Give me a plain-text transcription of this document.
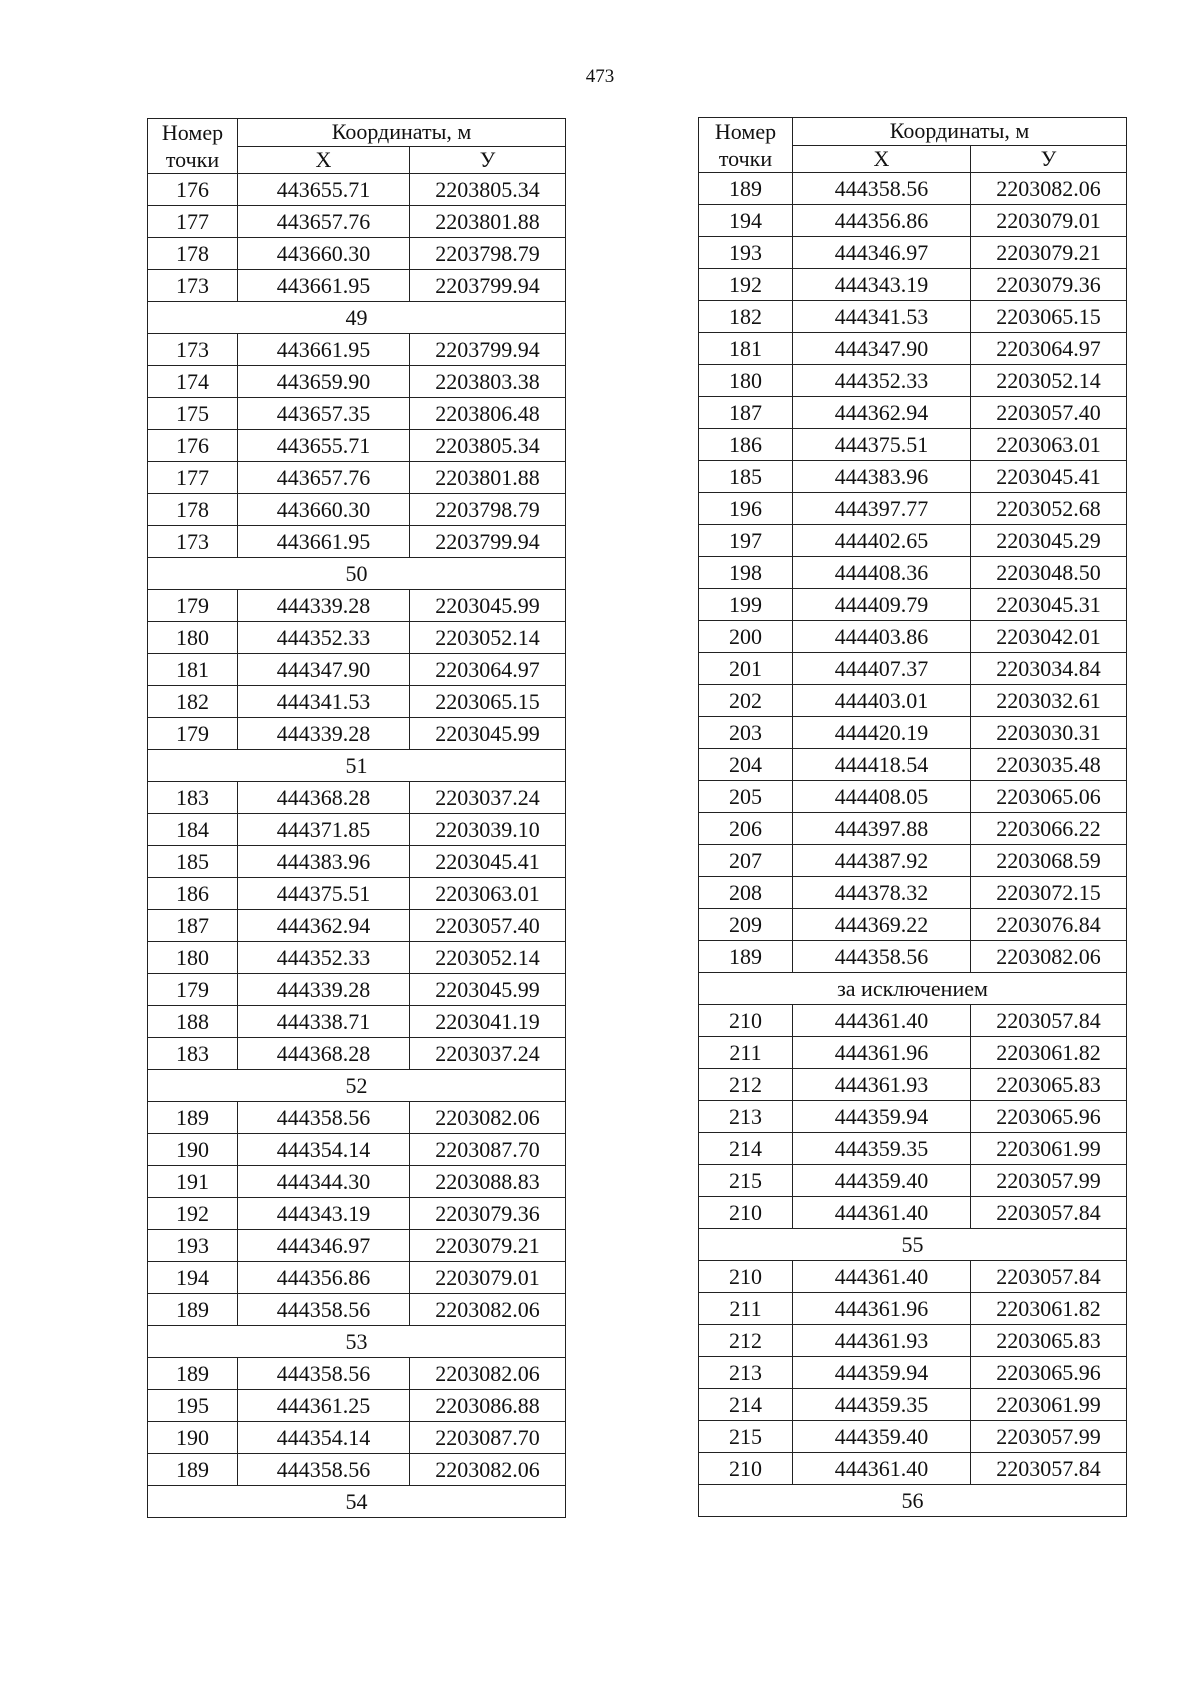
473
Номер
точки	Координаты, м	
	X	У
176	443655.71	2203805.34
177	443657.76	2203801.88
178	443660.30	2203798.79
173	443661.95	2203799.94
49		
173	443661.95	2203799.94
174	443659.90	2203803.38
175	443657.35	2203806.48
176	443655.71	2203805.34
177	443657.76	2203801.88
178	443660.30	2203798.79
173	443661.95	2203799.94
50		
179	444339.28	2203045.99
180	444352.33	2203052.14
181	444347.90	2203064.97
182	444341.53	2203065.15
179	444339.28	2203045.99
51		
183	444368.28	2203037.24
184	444371.85	2203039.10
185	444383.96	2203045.41
186	444375.51	2203063.01
187	444362.94	2203057.40
180	444352.33	2203052.14
179	444339.28	2203045.99
188	444338.71	2203041.19
183	444368.28	2203037.24
52		
189	444358.56	2203082.06
190	444354.14	2203087.70
191	444344.30	2203088.83
192	444343.19	2203079.36
193	444346.97	2203079.21
194	444356.86	2203079.01
189	444358.56	2203082.06
53		
189	444358.56	2203082.06
195	444361.25	2203086.88
190	444354.14	2203087.70
189	444358.56	2203082.06
54		
Номер
точки	Координаты, м	
	X	У
189	444358.56	2203082.06
194	444356.86	2203079.01
193	444346.97	2203079.21
192	444343.19	2203079.36
182	444341.53	2203065.15
181	444347.90	2203064.97
180	444352.33	2203052.14
187	444362.94	2203057.40
186	444375.51	2203063.01
185	444383.96	2203045.41
196	444397.77	2203052.68
197	444402.65	2203045.29
198	444408.36	2203048.50
199	444409.79	2203045.31
200	444403.86	2203042.01
201	444407.37	2203034.84
202	444403.01	2203032.61
203	444420.19	2203030.31
204	444418.54	2203035.48
205	444408.05	2203065.06
206	444397.88	2203066.22
207	444387.92	2203068.59
208	444378.32	2203072.15
209	444369.22	2203076.84
189	444358.56	2203082.06
за исключением		
210	444361.40	2203057.84
211	444361.96	2203061.82
212	444361.93	2203065.83
213	444359.94	2203065.96
214	444359.35	2203061.99
215	444359.40	2203057.99
210	444361.40	2203057.84
55		
210	444361.40	2203057.84
211	444361.96	2203061.82
212	444361.93	2203065.83
213	444359.94	2203065.96
214	444359.35	2203061.99
215	444359.40	2203057.99
210	444361.40	2203057.84
56		
